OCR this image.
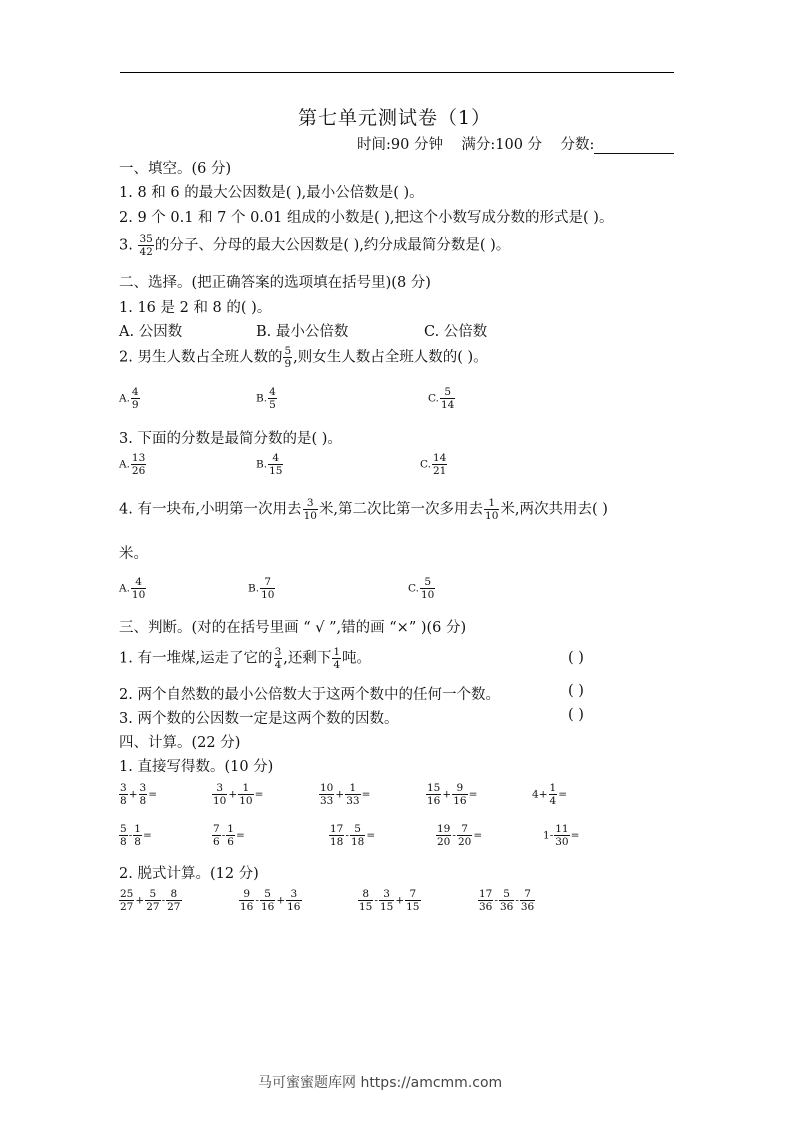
第七单元测试卷（1）
时间:90 分钟 满分:100 分 分数:
一、填空。(6 分)
1. 8 和 6 的最大公因数是( ),最小公倍数是( )。
2. 9 个 0.1 和 7 个 0.01 组成的小数是( ),把这个小数写成分数的形式是( )。
3. $\frac{35}{42}$ 的分子、分母的最大公因数是( ),约分成最简分数是( )。
二、选择。(把正确答案的选项填在括号里)(8 分)
1. 16 是 2 和 8 的( )。
A. 公因数	B. 最小公倍数	C. 公倍数
2. 男生人数占全班人数的 $\frac{5}{9}$ ,则女生人数占全班人数的( )。
A. $\frac{4}{9}$	B. $\frac{4}{5}$	C. $\frac{5}{14}$
3. 下面的分数是最简分数的是( )。
A. $\frac{13}{26}$	B. $\frac{4}{15}$	C. $\frac{14}{21}$
4. 有一块布,小明第一次用去 $\frac{3}{10}$ 米,第二次比第一次多用去 $\frac{1}{10}$ 米,两次共用去( )
米。
A. $\frac{4}{10}$	B. $\frac{7}{10}$	C. $\frac{5}{10}$
三、判断。(对的在括号里画 “ √ ”,错的画 “×” )(6 分)
1. 有一堆煤,运走了它的 $\frac{3}{4}$ ,还剩下 $\frac{1}{4}$ 吨。	( )
2. 两个自然数的最小公倍数大于这两个数中的任何一个数。	( )
3. 两个数的公因数一定是这两个数的因数。	( )
四、计算。(22 分)
1. 直接写得数。(10 分)
$\frac{3}{8} + \frac{3}{8}$ =	$\frac{3}{10} + \frac{1}{10}$ =	$\frac{10}{33} + \frac{1}{33}$ =	$\frac{15}{16} + \frac{9}{16}$ =	$4+ \frac{1}{4}$ =
$\frac{5}{8} - \frac{1}{8}$ =	$\frac{7}{6} - \frac{1}{6}$ =	$\frac{17}{18} - \frac{5}{18}$ =	$\frac{19}{20} - \frac{7}{20}$ =	$1- \frac{11}{30}$ =
2. 脱式计算。(12 分)
$\frac{25}{27} + \frac{5}{27} - \frac{8}{27}$	$\frac{9}{16} - \frac{5}{16} + \frac{3}{16}$	$\frac{8}{15} - \frac{3}{15} + \frac{7}{15}$	$\frac{17}{36} - \frac{5}{36} - \frac{7}{36}$
马可蜜蜜题库网 https://amcmm.com
